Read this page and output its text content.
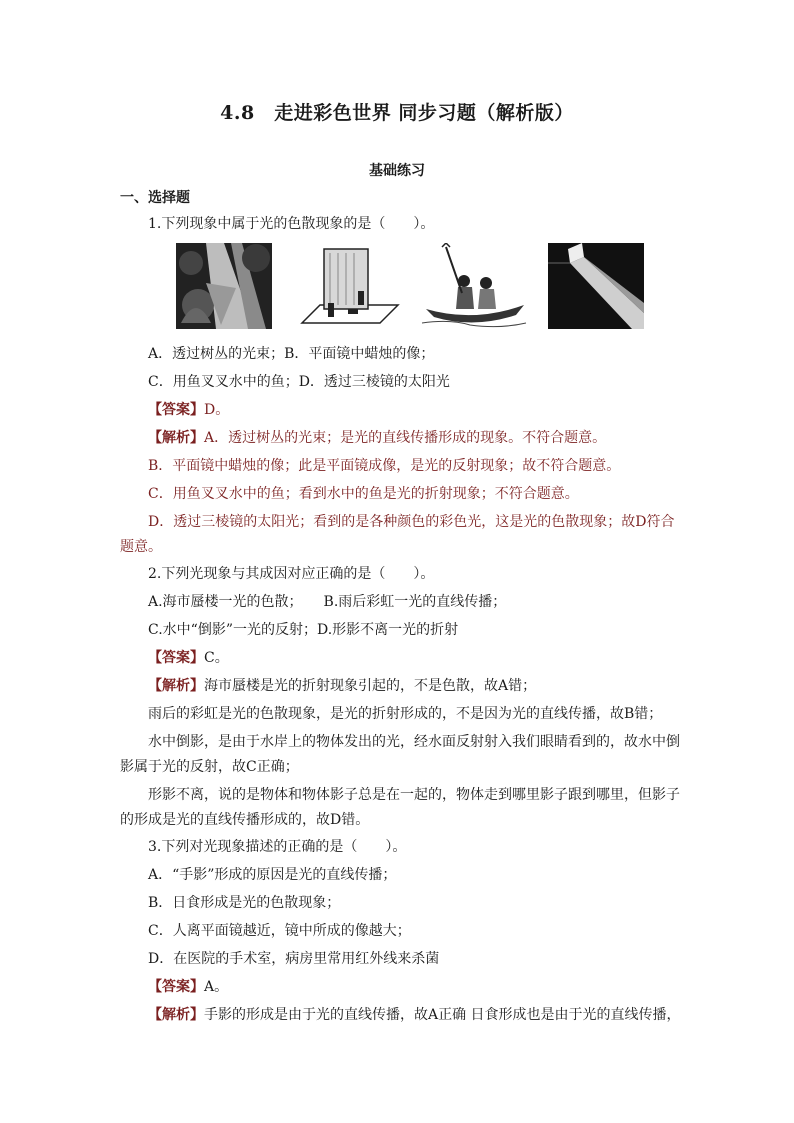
4.8　走进彩色世界 同步习题（解析版）
基础练习
一、选择题
1.下列现象中属于光的色散现象的是（　　）。
A．透过树丛的光束；B．平面镜中蜡烛的像；
C．用鱼叉叉水中的鱼；D．透过三棱镜的太阳光
【答案】D。
【解析】A．透过树丛的光束；是光的直线传播形成的现象。不符合题意。
B．平面镜中蜡烛的像；此是平面镜成像，是光的反射现象；故不符合题意。
C．用鱼叉叉水中的鱼；看到水中的鱼是光的折射现象；不符合题意。
D．透过三棱镜的太阳光；看到的是各种颜色的彩色光，这是光的色散现象；故D符合
题意。
2.下列光现象与其成因对应正确的是（　　）。
A.海市蜃楼一光的色散；　　B.雨后彩虹一光的直线传播；
C.水中“倒影”一光的反射；D.形影不离一光的折射
【答案】C。
【解析】海市蜃楼是光的折射现象引起的，不是色散，故A错；
雨后的彩虹是光的色散现象，是光的折射形成的，不是因为光的直线传播，故B错；
水中倒影，是由于水岸上的物体发出的光，经水面反射射入我们眼睛看到的，故水中倒
影属于光的反射，故C正确；
形影不离，说的是物体和物体影子总是在一起的，物体走到哪里影子跟到哪里，但影子
的形成是光的直线传播形成的，故D错。
3.下列对光现象描述的正确的是（　　）。
A．“手影”形成的原因是光的直线传播；
B．日食形成是光的色散现象；
C．人离平面镜越近，镜中所成的像越大；
D．在医院的手术室，病房里常用红外线来杀菌
【答案】A。
【解析】手影的形成是由于光的直线传播，故A正确 日食形成也是由于光的直线传播，
